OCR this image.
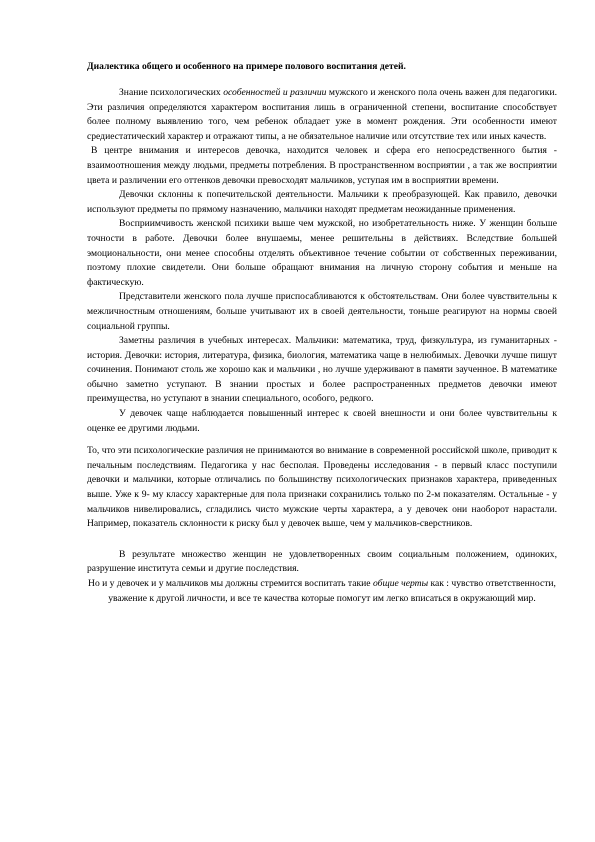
Диалектика общего и особенного на примере полового воспитания детей.

Знание психологических особенностей и различии мужского и женского пола очень важен для педагогики. Эти различия определяются характером воспитания лишь в ограниченной степени, воспитание способствует более полному выявлению того, чем ребенок обладает уже в момент рождения. Эти особенности имеют средиестатический характер и отражают типы, а не обязательное наличие или отсутствие тех или иных качеств.

В центре внимания и интересов девочка, находится человек и сфера его непосредственного бытия - взаимоотношения между людьми, предметы потребления. В пространственном восприятии , а так же восприятии цвета и различении его оттенков девочки превосходят мальчиков, уступая им в восприятии времени.

Девочки склонны к попечительской деятельности. Мальчики к преобразующей. Как правило, девочки используют предметы по прямому назначению, мальчики находят предметам неожиданные применения.

Восприимчивость женской психики выше чем мужской, но изобретательность ниже. У женщин больше точности в работе. Девочки более внушаемы, менее решительны в действиях. Вследствие большей эмоциональности, они менее способны отделять объективное течение событии от собственных переживании, поэтому плохие свидетели. Они больше обращают внимания на личную сторону события и меньше на фактическую.

Представители женского пола лучше приспосабливаются к обстоятельствам. Они более чувствительны к межличностным отношениям, больше учитывают их в своей деятельности, тоньше реагируют на нормы своей социальной группы.

Заметны различия в учебных интересах. Мальчики: математика, труд, физкультура, из гуманитарных - история. Девочки: история, литература, физика, биология, математика чаще в нелюбимых. Девочки лучше пишут сочинения. Понимают столь же хорошо как и мальчики , но лучше удерживают в памяти заученное. В математике обычно заметно уступают. В знании простых и более распространенных предметов девочки имеют преимущества, но уступают в знании специального, особого, редкого.

У девочек чаще наблюдается повышенный интерес к своей внешности и они более чувствительны к оценке ее другими людьми.

То, что эти психологические различия не принимаются во внимание в современной российской школе, приводит к печальным последствиям. Педагогика у нас бесполая. Проведены исследования - в первый класс поступили девочки и мальчики, которые отличались по большинству психологических признаков характера, приведенных выше. Уже к 9- му классу характерные для пола признаки сохранились только по 2-м показателям. Остальные - у мальчиков нивелировались, сгладились чисто мужские черты характера, а у девочек они наоборот нарастали. Например, показатель склонности к риску был у девочек выше, чем у мальчиков-сверстников.

В результате множество женщин не удовлетворенных своим социальным положением, одиноких, разрушение института семьи и другие последствия.

Но и у девочек и у мальчиков мы должны стремится воспитать такие общие черты как : чувство ответственности, уважение к другой личности, и все те качества которые помогут им легко вписаться в окружающий мир.
